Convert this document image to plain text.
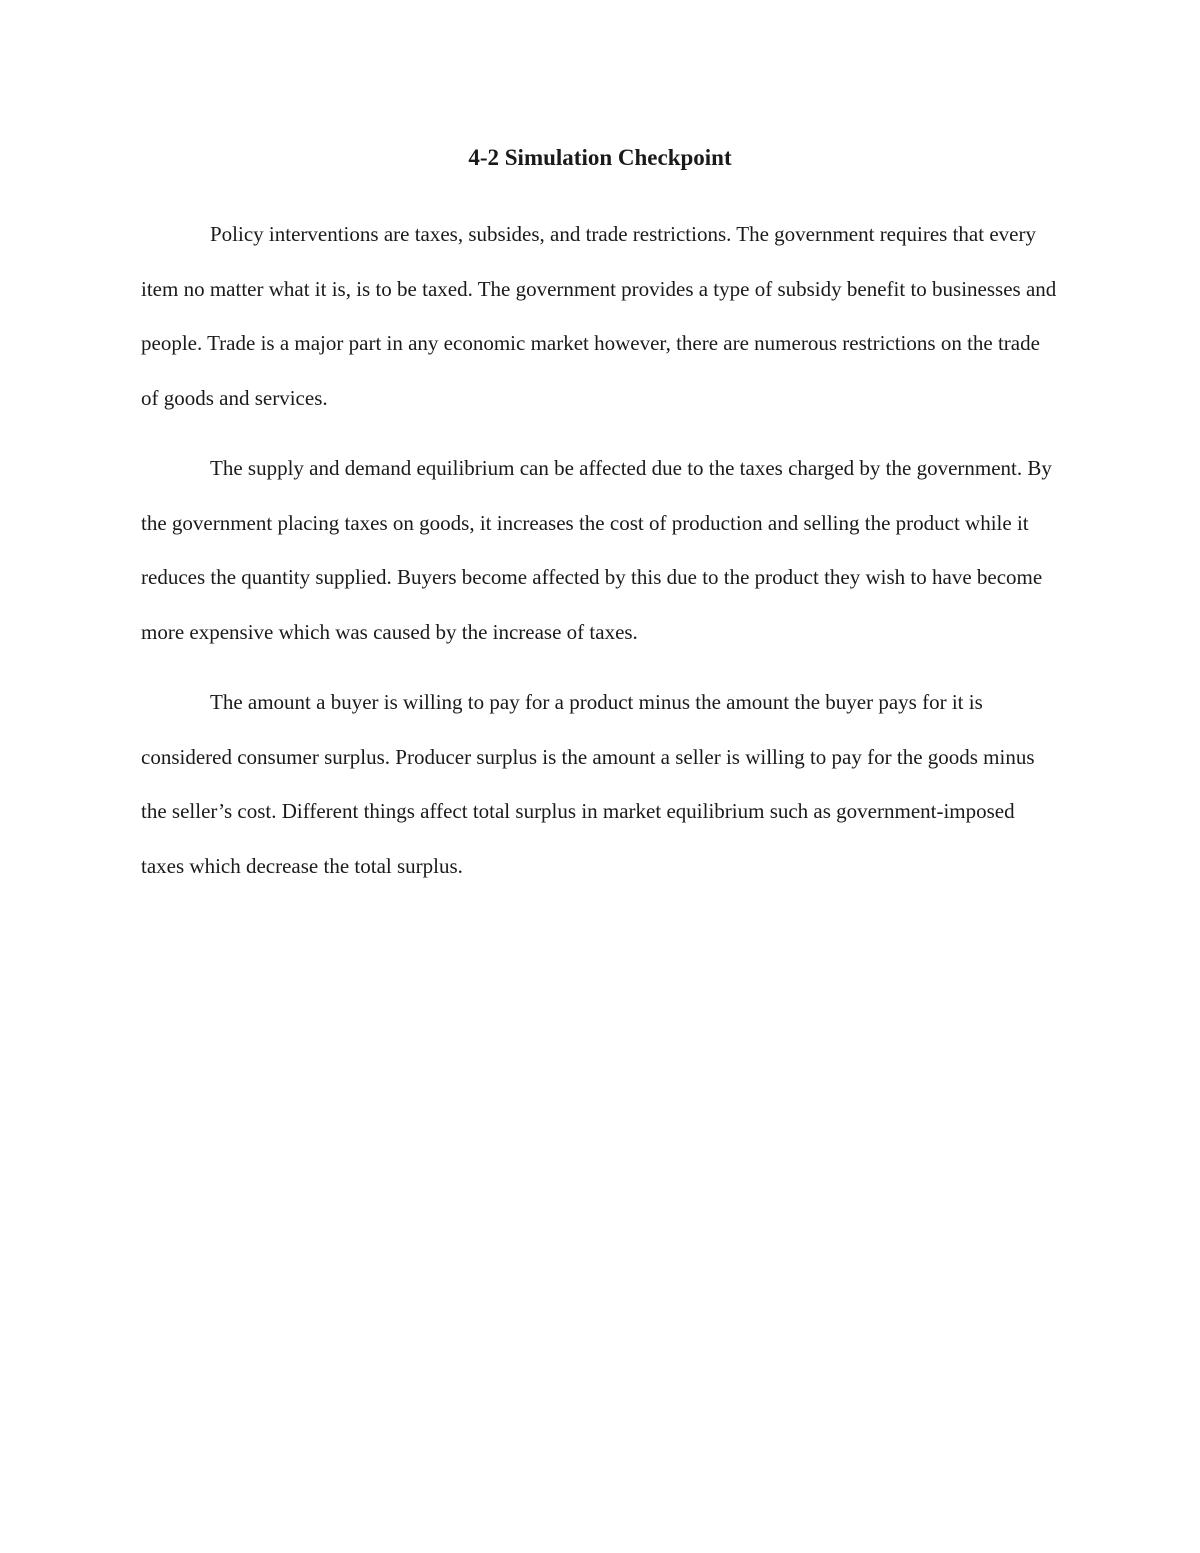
4-2 Simulation Checkpoint

Policy interventions are taxes, subsides, and trade restrictions. The government requires that every item no matter what it is, is to be taxed. The government provides a type of subsidy benefit to businesses and people. Trade is a major part in any economic market however, there are numerous restrictions on the trade of goods and services.

The supply and demand equilibrium can be affected due to the taxes charged by the government. By the government placing taxes on goods, it increases the cost of production and selling the product while it reduces the quantity supplied. Buyers become affected by this due to the product they wish to have become more expensive which was caused by the increase of taxes.

The amount a buyer is willing to pay for a product minus the amount the buyer pays for it is considered consumer surplus. Producer surplus is the amount a seller is willing to pay for the goods minus the seller’s cost. Different things affect total surplus in market equilibrium such as government-imposed taxes which decrease the total surplus.
